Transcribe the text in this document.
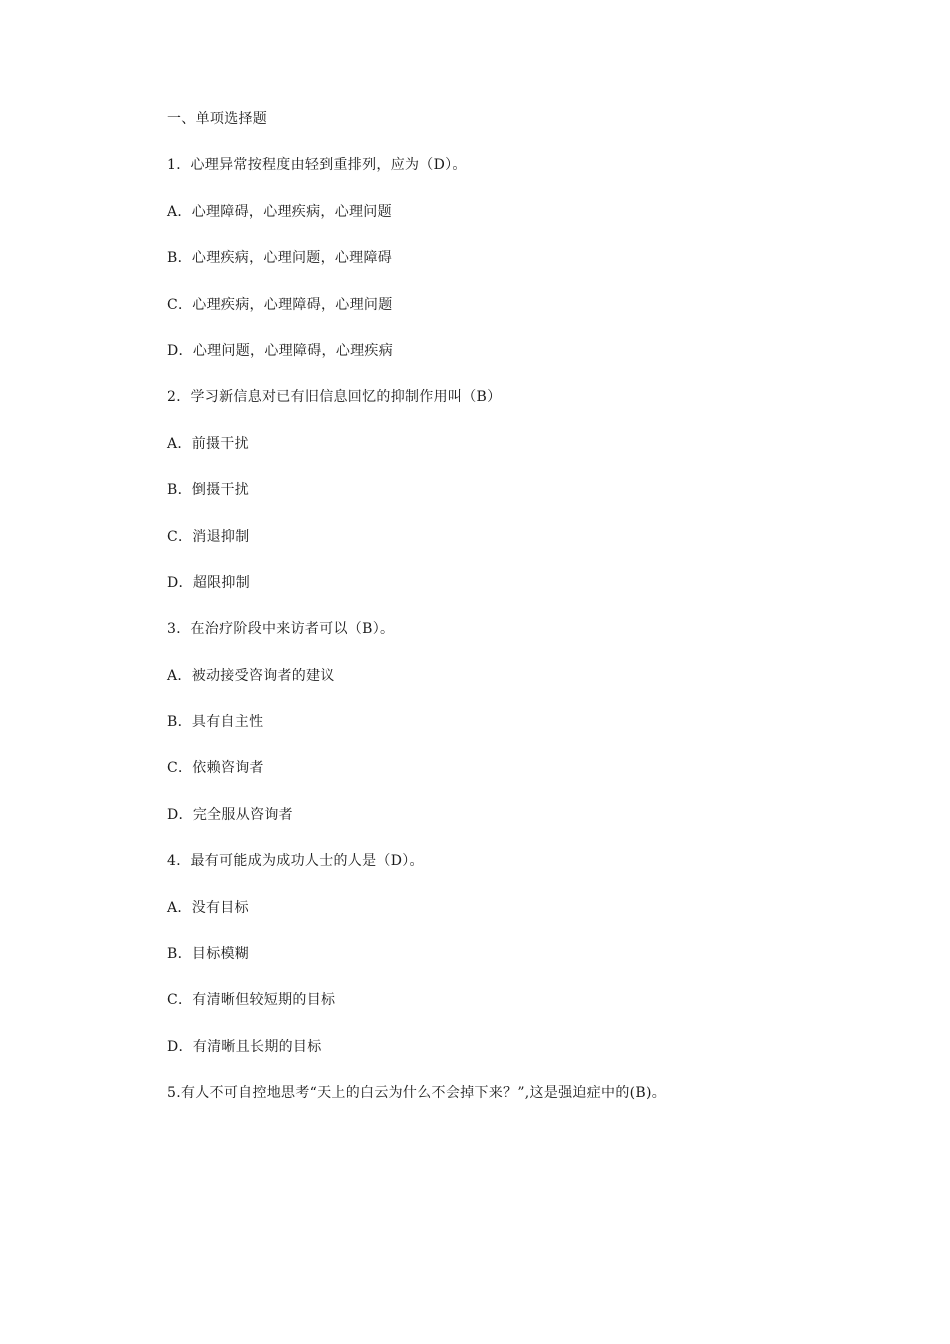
一、单项选择题
1．心理异常按程度由轻到重排列，应为（D）。
A．心理障碍，心理疾病，心理问题
B．心理疾病，心理问题，心理障碍
C．心理疾病，心理障碍，心理问题
D．心理问题，心理障碍，心理疾病
2．学习新信息对已有旧信息回忆的抑制作用叫（B）
A．前摄干扰
B．倒摄干扰
C．消退抑制
D．超限抑制
3．在治疗阶段中来访者可以（B）。
A．被动接受咨询者的建议
B．具有自主性
C．依赖咨询者
D．完全服从咨询者
4．最有可能成为成功人士的人是（D）。
A．没有目标
B．目标模糊
C．有清晰但较短期的目标
D．有清晰且长期的目标
5.有人不可自控地思考“天上的白云为什么不会掉下来？”,这是强迫症中的(B)。
